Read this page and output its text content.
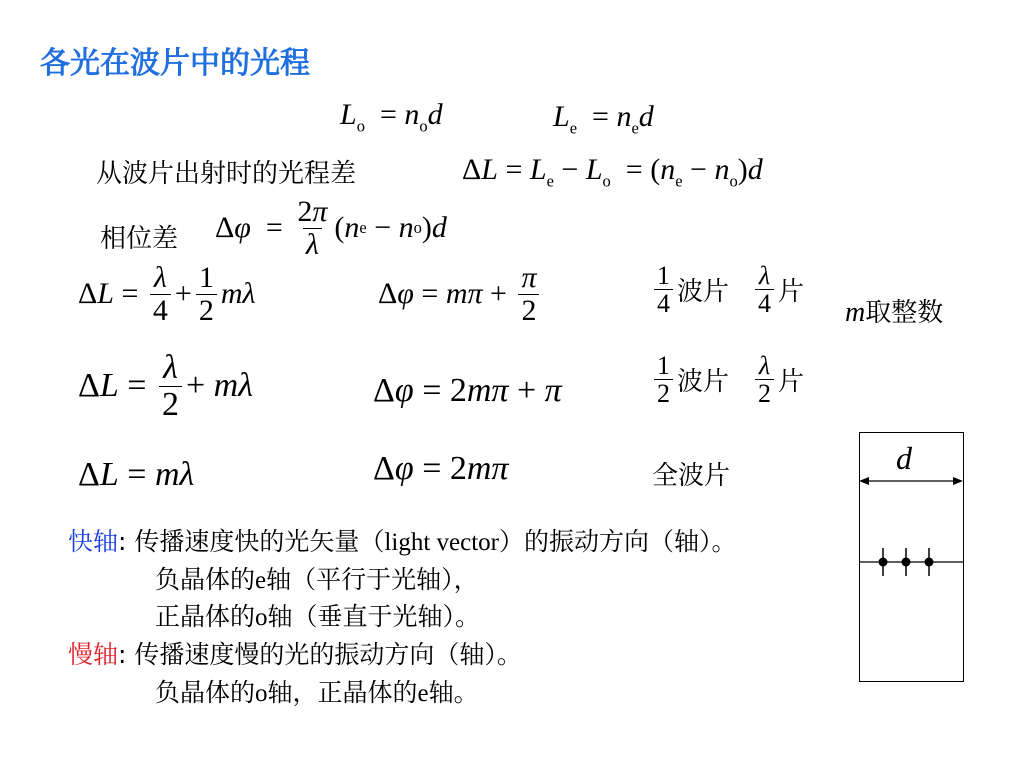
各光在波片中的光程
$L_o = n_od$	$L_e = n_ed$
从波片出射时的光程差	$\Delta L = L_e - L_o = (n_e - n_o)d$
相位差 Δ $\varphi = \frac{2\pi}{\lambda}$ ( n e − n o ) d
Δ $L = \frac{\lambda}{4} + \frac{1}{2}$ mλ	Δ $\varphi = m\pi + \frac{\pi}{2}$	$\frac{1}{4}$ 波片 $\frac{\lambda}{4}$ 片
m取整数
Δ $L = \frac{\lambda}{2} + m\lambda$	Δ φ = 2 mπ + π	$\frac{1}{2}$ 波片 $\frac{\lambda}{2}$ 片
ΔL = mλ	Δφ = 2mπ	全波片	d
快轴: 传播速度快的光矢量（light vector）的振动方向（轴）。
负晶体的e轴（平行于光轴），
正晶体的o轴（垂直于光轴）。
慢轴: 传播速度慢的光的振动方向（轴）。
负晶体的o轴，正晶体的e轴。
